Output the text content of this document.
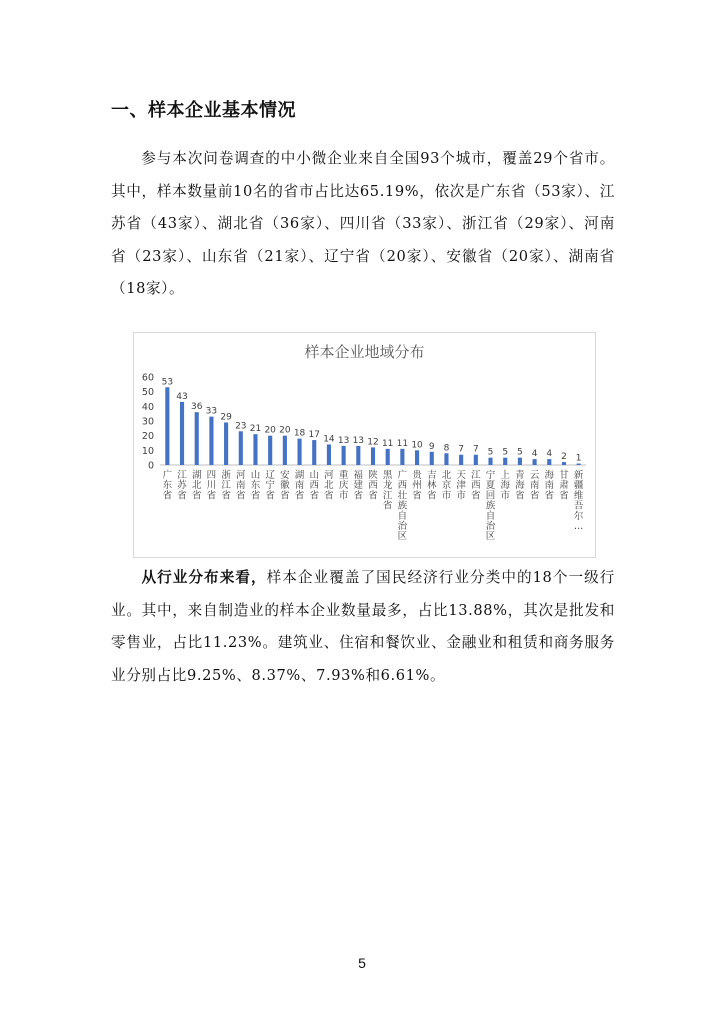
一、样本企业基本情况

参与本次问卷调查的中小微企业来自全国93个城市，覆盖29个省市。其中，样本数量前10名的省市占比达65.19%，依次是广东省（53家）、江苏省（43家）、湖北省（36家）、四川省（33家）、浙江省（29家）、河南省（23家）、山东省（21家）、辽宁省（20家）、安徽省（20家）、湖南省（18家）。

样本企业地域分布
0
10
20
30
40
50
60 53
广东省
43
江苏省
36
湖北省
33
四川省
29
浙江省
23
河南省
21
山东省
20
辽宁省
20
安徽省
18
湖南省
17
山西省
14
河北省
13
重庆市
13
福建省
12
陕西省
11
黑龙江省
11
广西壮族自治区
10
贵州省
9
吉林省
8
北京市
7
天津市
7
江西省
5
宁夏回族自治区
5
上海市
5
青海省
4
云南省
4
海南省
2
甘肃省
1
新疆维吾尔…

从行业分布来看，样本企业覆盖了国民经济行业分类中的18个一级行业。其中，来自制造业的样本企业数量最多，占比13.88%，其次是批发和零售业，占比11.23%。建筑业、住宿和餐饮业、金融业和租赁和商务服务业分别占比9.25%、8.37%、7.93%和6.61%。

5
